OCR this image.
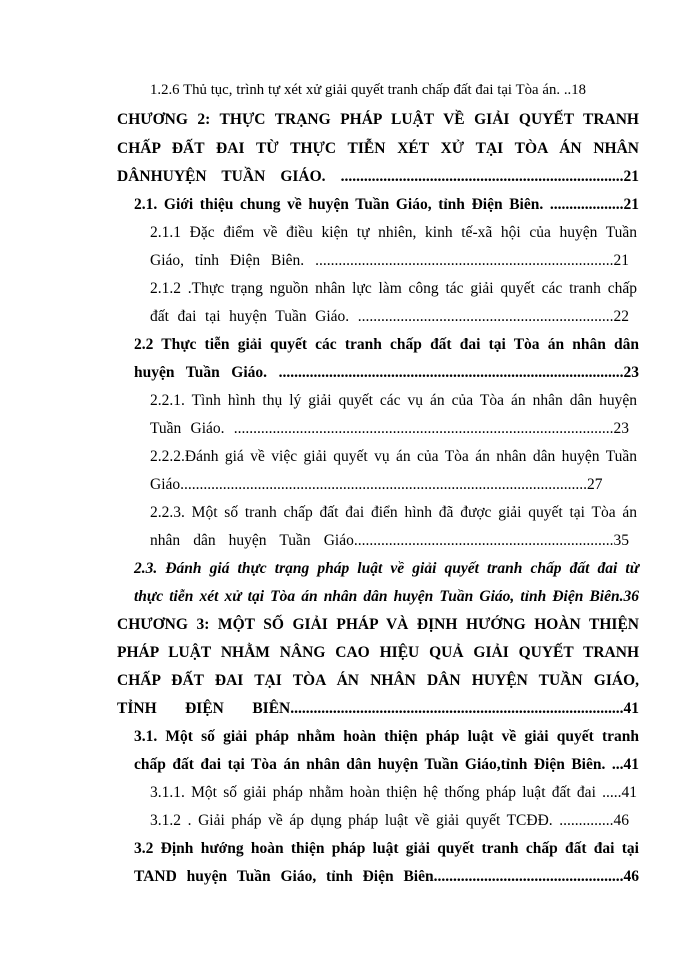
1.2.6 Thủ tục, trình tự xét xử giải quyết tranh chấp đất đai tại Tòa án. ..18
CHƯƠNG 2: THỰC TRẠNG PHÁP LUẬT VỀ GIẢI QUYẾT TRANH
CHẤP ĐẤT ĐAI TỪ THỰC TIỄN XÉT XỬ TẠI TÒA ÁN NHÂN
DÂNHUYỆN TUẦN GIÁO. .........................................................................21
2.1. Giới thiệu chung về huyện Tuần Giáo, tỉnh Điện Biên. ...................21
2.1.1 Đặc điểm về điều kiện tự nhiên, kinh tế-xã hội của huyện Tuần
Giáo, tỉnh Điện Biên. .............................................................................21
2.1.2 .Thực trạng nguồn nhân lực làm công tác giải quyết các tranh chấp
đất đai tại huyện Tuần Giáo. ..................................................................22
2.2 Thực tiễn giải quyết các tranh chấp đất đai tại Tòa án nhân dân
huyện Tuần Giáo. .........................................................................................23
2.2.1. Tình hình thụ lý giải quyết các vụ án của Tòa án nhân dân huyện
Tuần Giáo. ..................................................................................................23
2.2.2.Đánh giá về việc giải quyết vụ án của Tòa án nhân dân huyện Tuần
Giáo.........................................................................................................27
2.2.3. Một số tranh chấp đất đai điển hình đã được giải quyết tại Tòa án
nhân dân huyện Tuần Giáo...................................................................35
2.3. Đánh giá thực trạng pháp luật về giải quyết tranh chấp đất đai từ
thực tiễn xét xử tại Tòa án nhân dân huyện Tuần Giáo, tỉnh Điện Biên.36
CHƯƠNG 3: MỘT SỐ GIẢI PHÁP VÀ ĐỊNH HƯỚNG HOÀN THIỆN
PHÁP LUẬT NHẰM NÂNG CAO HIỆU QUẢ GIẢI QUYẾT TRANH
CHẤP ĐẤT ĐAI TẠI TÒA ÁN NHÂN DÂN HUYỆN TUẦN GIÁO,
TỈNH ĐIỆN BIÊN......................................................................................41
3.1. Một số giải pháp nhằm hoàn thiện pháp luật về giải quyết tranh
chấp đất đai tại Tòa án nhân dân huyện Tuần Giáo,tỉnh Điện Biên. ...41
3.1.1. Một số giải pháp nhằm hoàn thiện hệ thống pháp luật đất đai .....41
3.1.2 . Giải pháp về áp dụng pháp luật về giải quyết TCĐĐ. ..............46
3.2 Định hướng hoàn thiện pháp luật giải quyết tranh chấp đất đai tại
TAND huyện Tuần Giáo, tỉnh Điện Biên.................................................46
